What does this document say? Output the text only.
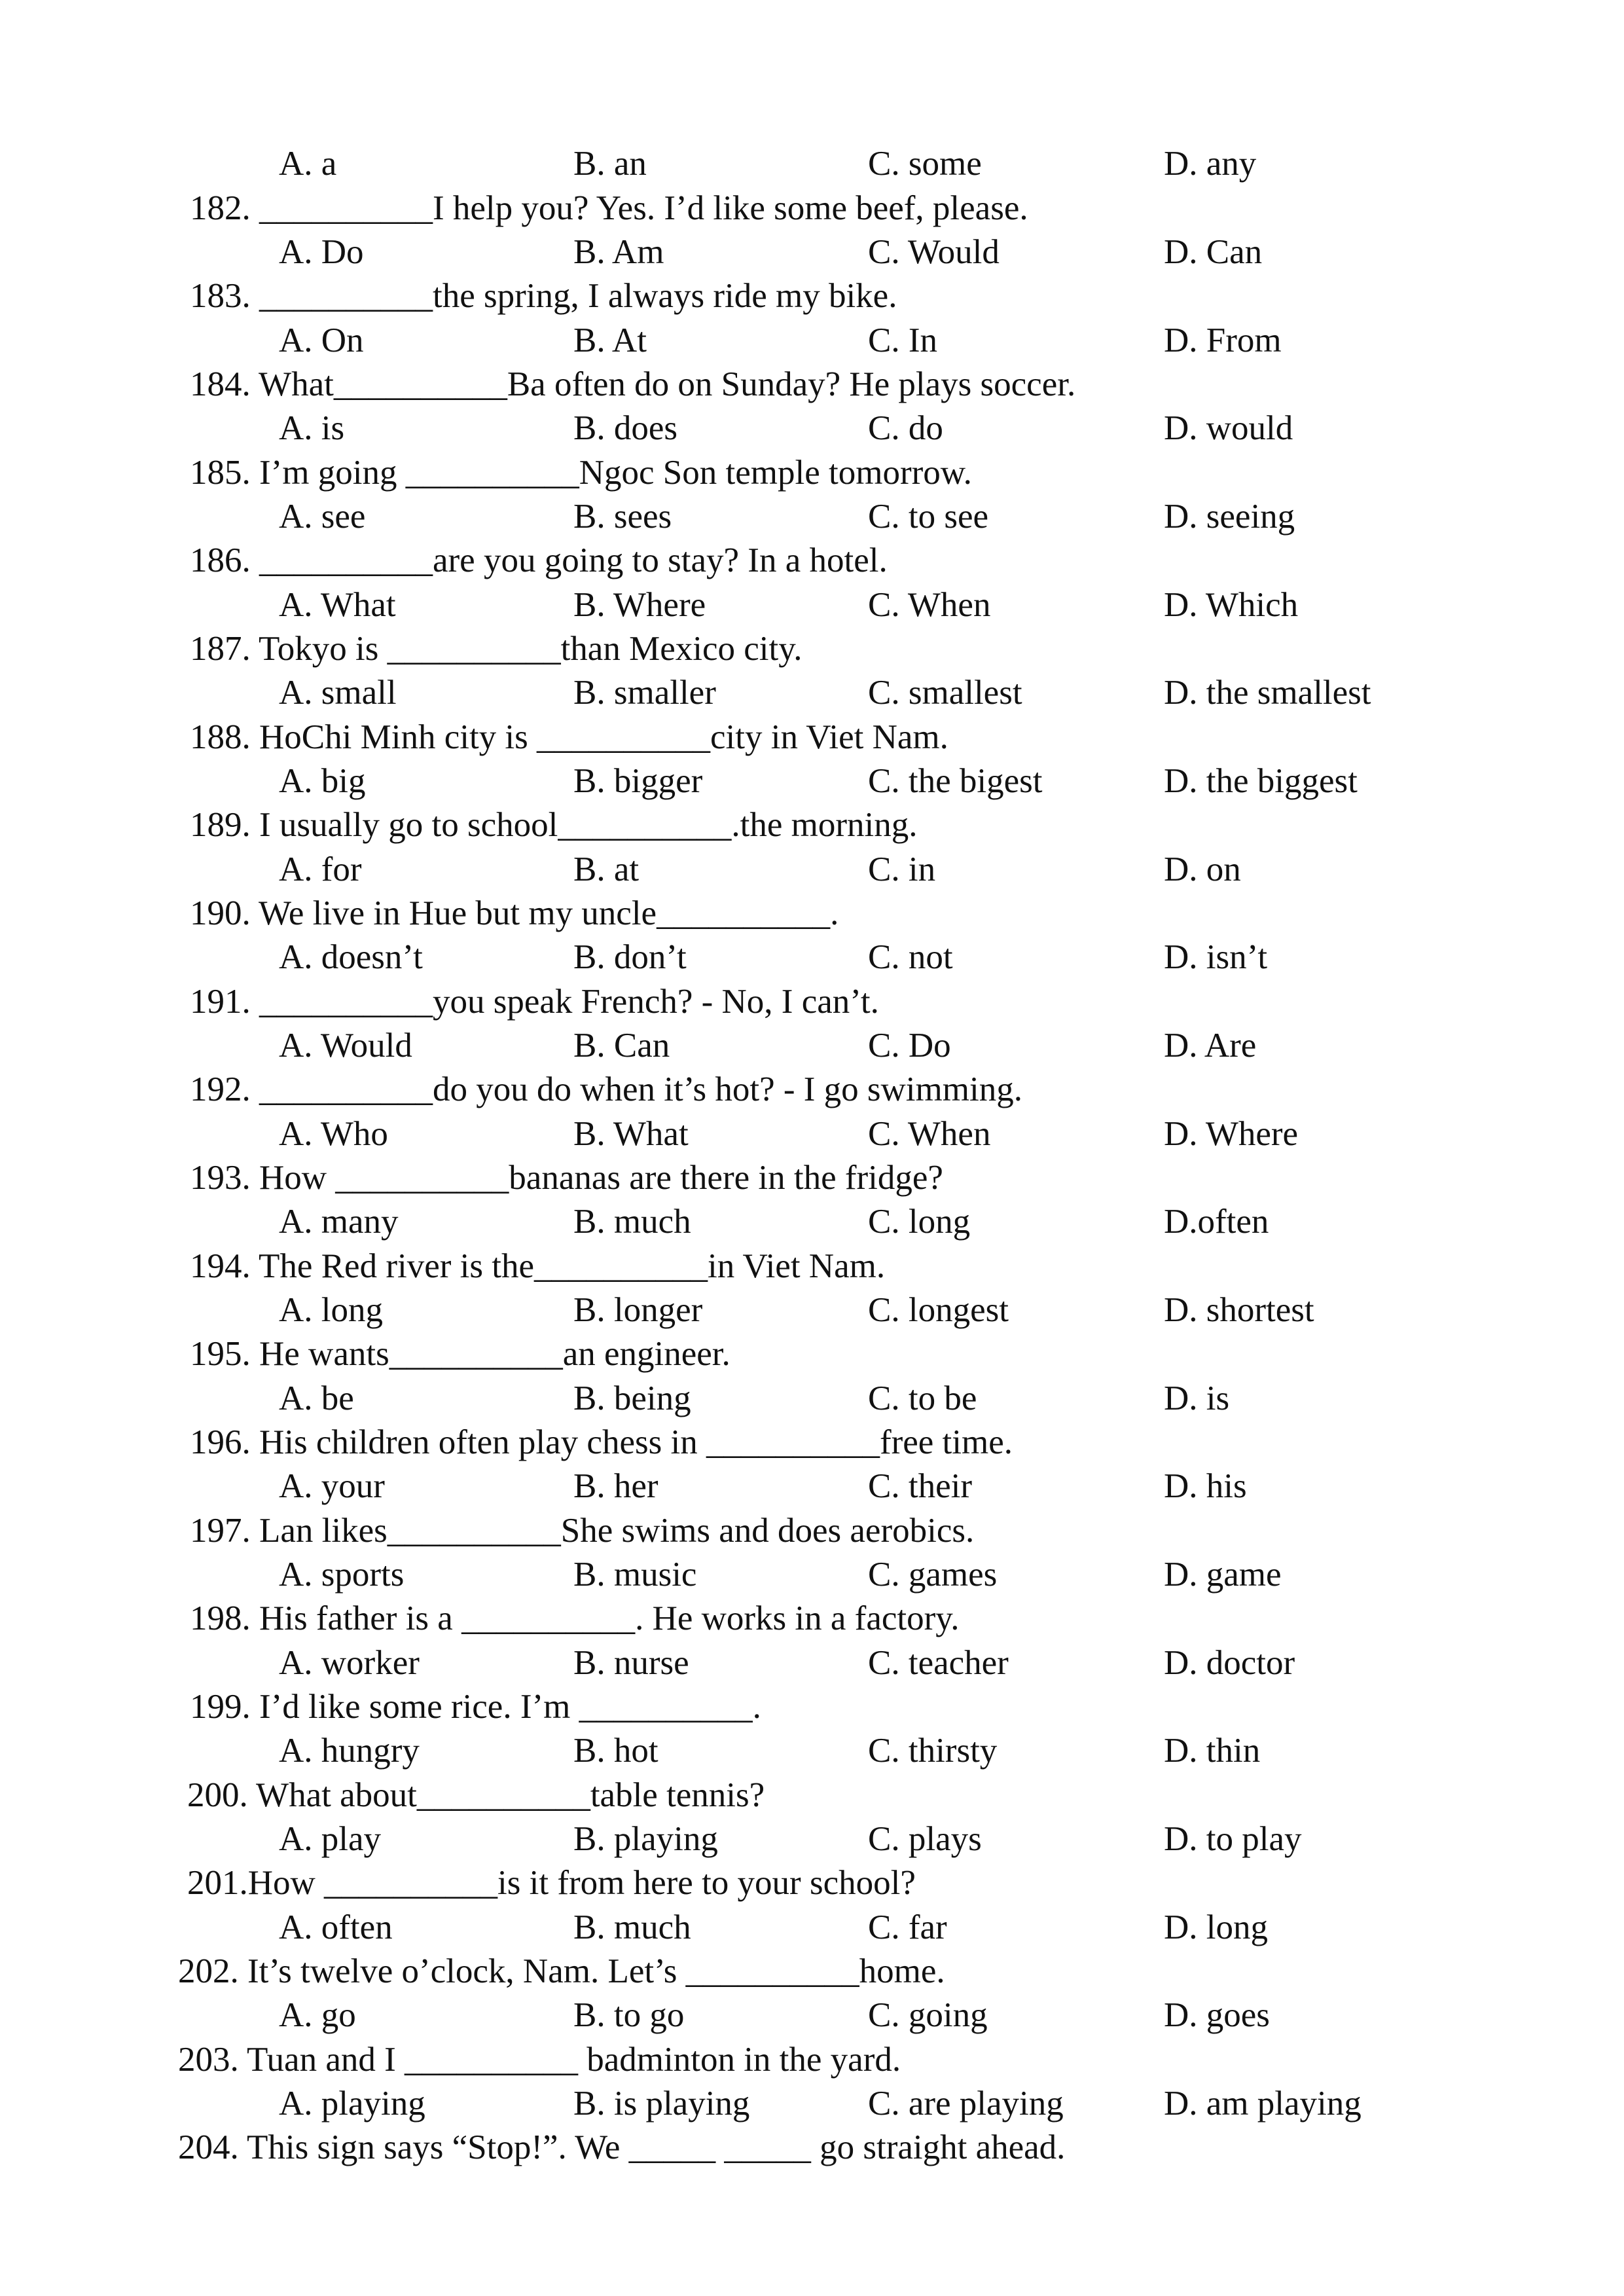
A. a	B. an	C. some	D. any
182. __________I help you? Yes. I’d like some beef, please.
A. Do	B. Am	C. Would	D. Can
183. __________the spring, I always ride my bike.
A. On	B. At	C. In	D. From
184. What__________Ba often do on Sunday? He plays soccer.
A. is	B. does	C. do	D. would
185. I’m going __________Ngoc Son temple tomorrow.
A. see	B. sees	C. to see	D. seeing
186. __________are you going to stay? In a hotel.
A. What	B. Where	C. When	D. Which
187. Tokyo is __________than Mexico city.
A. small	B. smaller	C. smallest	D. the smallest
188. HoChi Minh city is __________city in Viet Nam.
A. big	B. bigger	C. the bigest	D. the biggest
189. I usually go to school__________.the morning.
A. for	B. at	C. in	D. on
190. We live in Hue but my uncle__________.
A. doesn’t	B. don’t	C. not	D. isn’t
191. __________you speak French? - No, I can’t.
A. Would	B. Can	C. Do	D. Are
192. __________do you do when it’s hot? - I go swimming.
A. Who	B. What	C. When	D. Where
193. How __________bananas are there in the fridge?
A. many	B. much	C. long	D.often
194. The Red river is the__________in Viet Nam.
A. long	B. longer	C. longest	D. shortest
195. He wants__________an engineer.
A. be	B. being	C. to be	D. is
196. His children often play chess in __________free time.
A. your	B. her	C. their	D. his
197. Lan likes__________She swims and does aerobics.
A. sports	B. music	C. games	D. game
198. His father is a __________. He works in a factory.
A. worker	B. nurse	C. teacher	D. doctor
199. I’d like some rice. I’m __________.
A. hungry	B. hot	C. thirsty	D. thin
200. What about__________table tennis?
A. play	B. playing	C. plays	D. to play
201.How __________is it from here to your school?
A. often	B. much	C. far	D. long
202. It’s twelve o’clock, Nam. Let’s __________home.
A. go	B. to go	C. going	D. goes
203. Tuan and I __________ badminton in the yard.
A. playing	B. is playing	C. are playing	D. am playing
204. This sign says “Stop!”. We _____ _____ go straight ahead.
